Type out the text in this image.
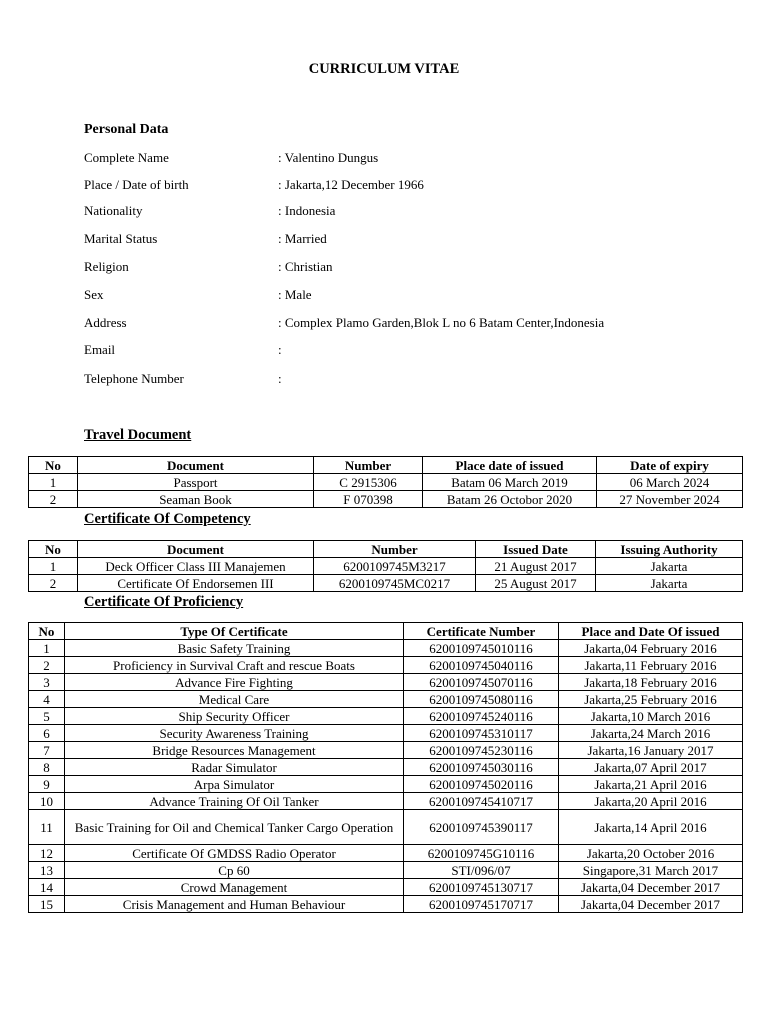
CURRICULUM VITAE
Personal Data
Complete Name	: Valentino Dungus
Place / Date of birth	: Jakarta,12 December 1966
Nationality	: Indonesia
Marital Status	: Married
Religion	: Christian
Sex	: Male
Address	: Complex Plamo Garden,Blok L no 6 Batam Center,Indonesia
Email	:
Telephone Number	:
Travel Document
No	Document	Number	Place date of issued	Date of expiry
1	Passport	C 2915306	Batam 06 March 2019	06 March 2024
2	Seaman Book	F 070398	Batam 26 Octobor 2020	27 November 2024
Certificate Of Competency
No	Document	Number	Issued Date	Issuing Authority
1	Deck Officer Class III Manajemen	6200109745M3217	21 August 2017	Jakarta
2	Certificate Of Endorsemen III	6200109745MC0217	25 August 2017	Jakarta
Certificate Of Proficiency
No	Type Of Certificate	Certificate Number	Place and Date Of issued
1	Basic Safety Training	6200109745010116	Jakarta,04 February 2016
2	Proficiency in Survival Craft and rescue Boats	6200109745040116	Jakarta,11 February 2016
3	Advance Fire Fighting	6200109745070116	Jakarta,18 February 2016
4	Medical Care	6200109745080116	Jakarta,25 February 2016
5	Ship Security Officer	6200109745240116	Jakarta,10 March 2016
6	Security Awareness Training	6200109745310117	Jakarta,24 March 2016
7	Bridge Resources Management	6200109745230116	Jakarta,16 January 2017
8	Radar Simulator	6200109745030116	Jakarta,07 April 2017
9	Arpa Simulator	6200109745020116	Jakarta,21 April 2016
10	Advance Training Of Oil Tanker	6200109745410717	Jakarta,20 April 2016
11	Basic Training for Oil and Chemical Tanker Cargo Operation	6200109745390117	Jakarta,14 April 2016
12	Certificate Of GMDSS Radio Operator	6200109745G10116	Jakarta,20 October 2016
13	Cp 60	STI/096/07	Singapore,31 March 2017
14	Crowd Management	6200109745130717	Jakarta,04 December 2017
15	Crisis Management and Human Behaviour	6200109745170717	Jakarta,04 December 2017
